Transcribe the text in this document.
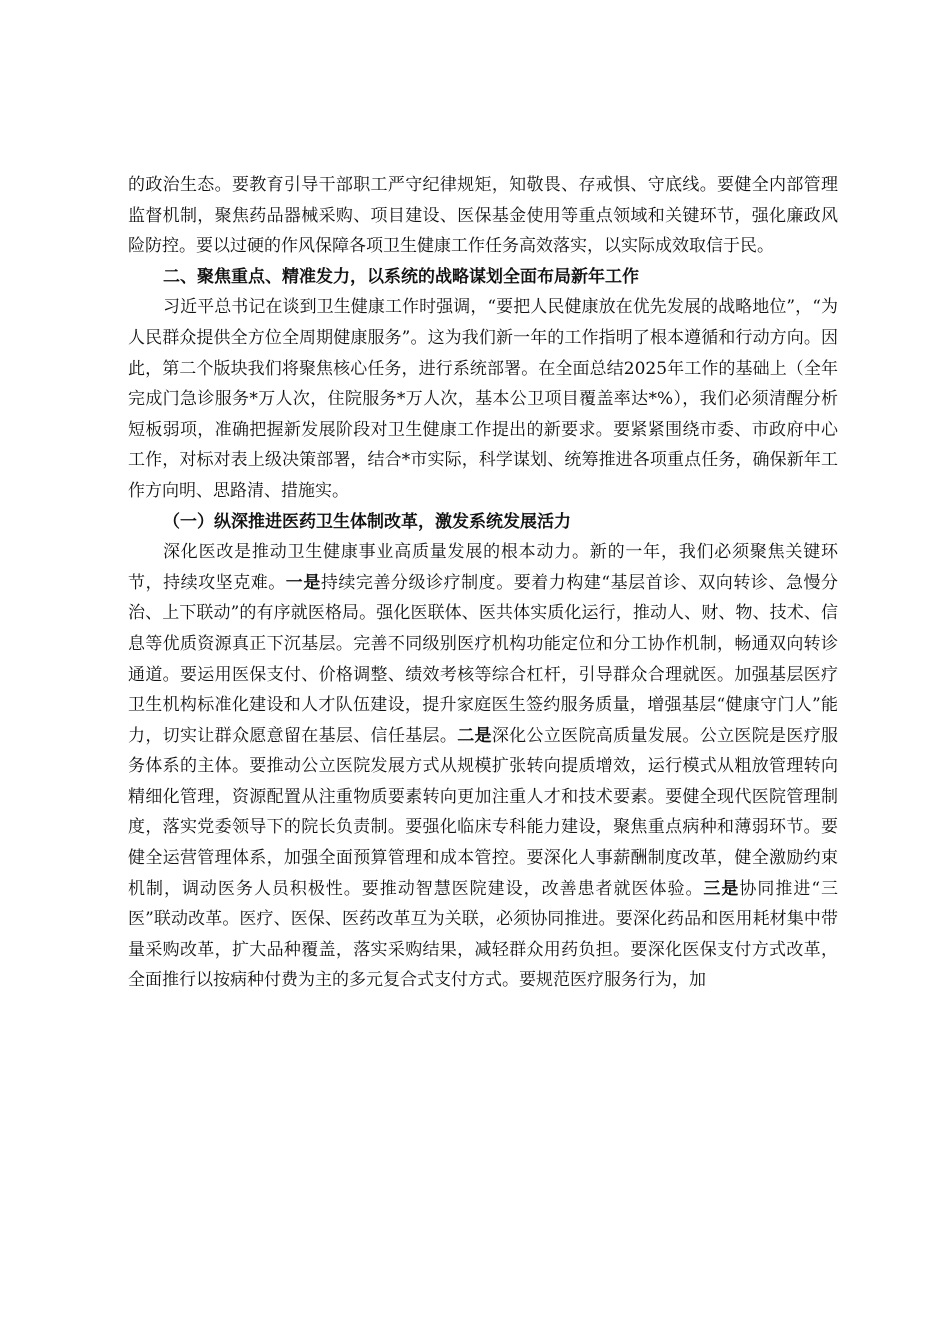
的政治生态。要教育引导干部职工严守纪律规矩，知敬畏、存戒惧、守底线。要健全内部管理监督机制，聚焦药品器械采购、项目建设、医保基金使用等重点领域和关键环节，强化廉政风险防控。要以过硬的作风保障各项卫生健康工作任务高效落实，以实际成效取信于民。

二、聚焦重点、精准发力，以系统的战略谋划全面布局新年工作

习近平总书记在谈到卫生健康工作时强调，“要把人民健康放在优先发展的战略地位”，“为人民群众提供全方位全周期健康服务”。这为我们新一年的工作指明了根本遵循和行动方向。因此，第二个版块我们将聚焦核心任务，进行系统部署。在全面总结2025年工作的基础上（全年完成门急诊服务*万人次，住院服务*万人次，基本公卫项目覆盖率达*%），我们必须清醒分析短板弱项，准确把握新发展阶段对卫生健康工作提出的新要求。要紧紧围绕市委、市政府中心工作，对标对表上级决策部署，结合*市实际，科学谋划、统筹推进各项重点任务，确保新年工作方向明、思路清、措施实。

（一）纵深推进医药卫生体制改革，激发系统发展活力

深化医改是推动卫生健康事业高质量发展的根本动力。新的一年，我们必须聚焦关键环节，持续攻坚克难。一是持续完善分级诊疗制度。要着力构建“基层首诊、双向转诊、急慢分治、上下联动”的有序就医格局。强化医联体、医共体实质化运行，推动人、财、物、技术、信息等优质资源真正下沉基层。完善不同级别医疗机构功能定位和分工协作机制，畅通双向转诊通道。要运用医保支付、价格调整、绩效考核等综合杠杆，引导群众合理就医。加强基层医疗卫生机构标准化建设和人才队伍建设，提升家庭医生签约服务质量，增强基层“健康守门人”能力，切实让群众愿意留在基层、信任基层。二是深化公立医院高质量发展。公立医院是医疗服务体系的主体。要推动公立医院发展方式从规模扩张转向提质增效，运行模式从粗放管理转向精细化管理，资源配置从注重物质要素转向更加注重人才和技术要素。要健全现代医院管理制度，落实党委领导下的院长负责制。要强化临床专科能力建设，聚焦重点病种和薄弱环节。要健全运营管理体系，加强全面预算管理和成本管控。要深化人事薪酬制度改革，健全激励约束机制，调动医务人员积极性。要推动智慧医院建设，改善患者就医体验。三是协同推进“三医”联动改革。医疗、医保、医药改革互为关联，必须协同推进。要深化药品和医用耗材集中带量采购改革，扩大品种覆盖，落实采购结果，减轻群众用药负担。要深化医保支付方式改革，全面推行以按病种付费为主的多元复合式支付方式。要规范医疗服务行为，加
